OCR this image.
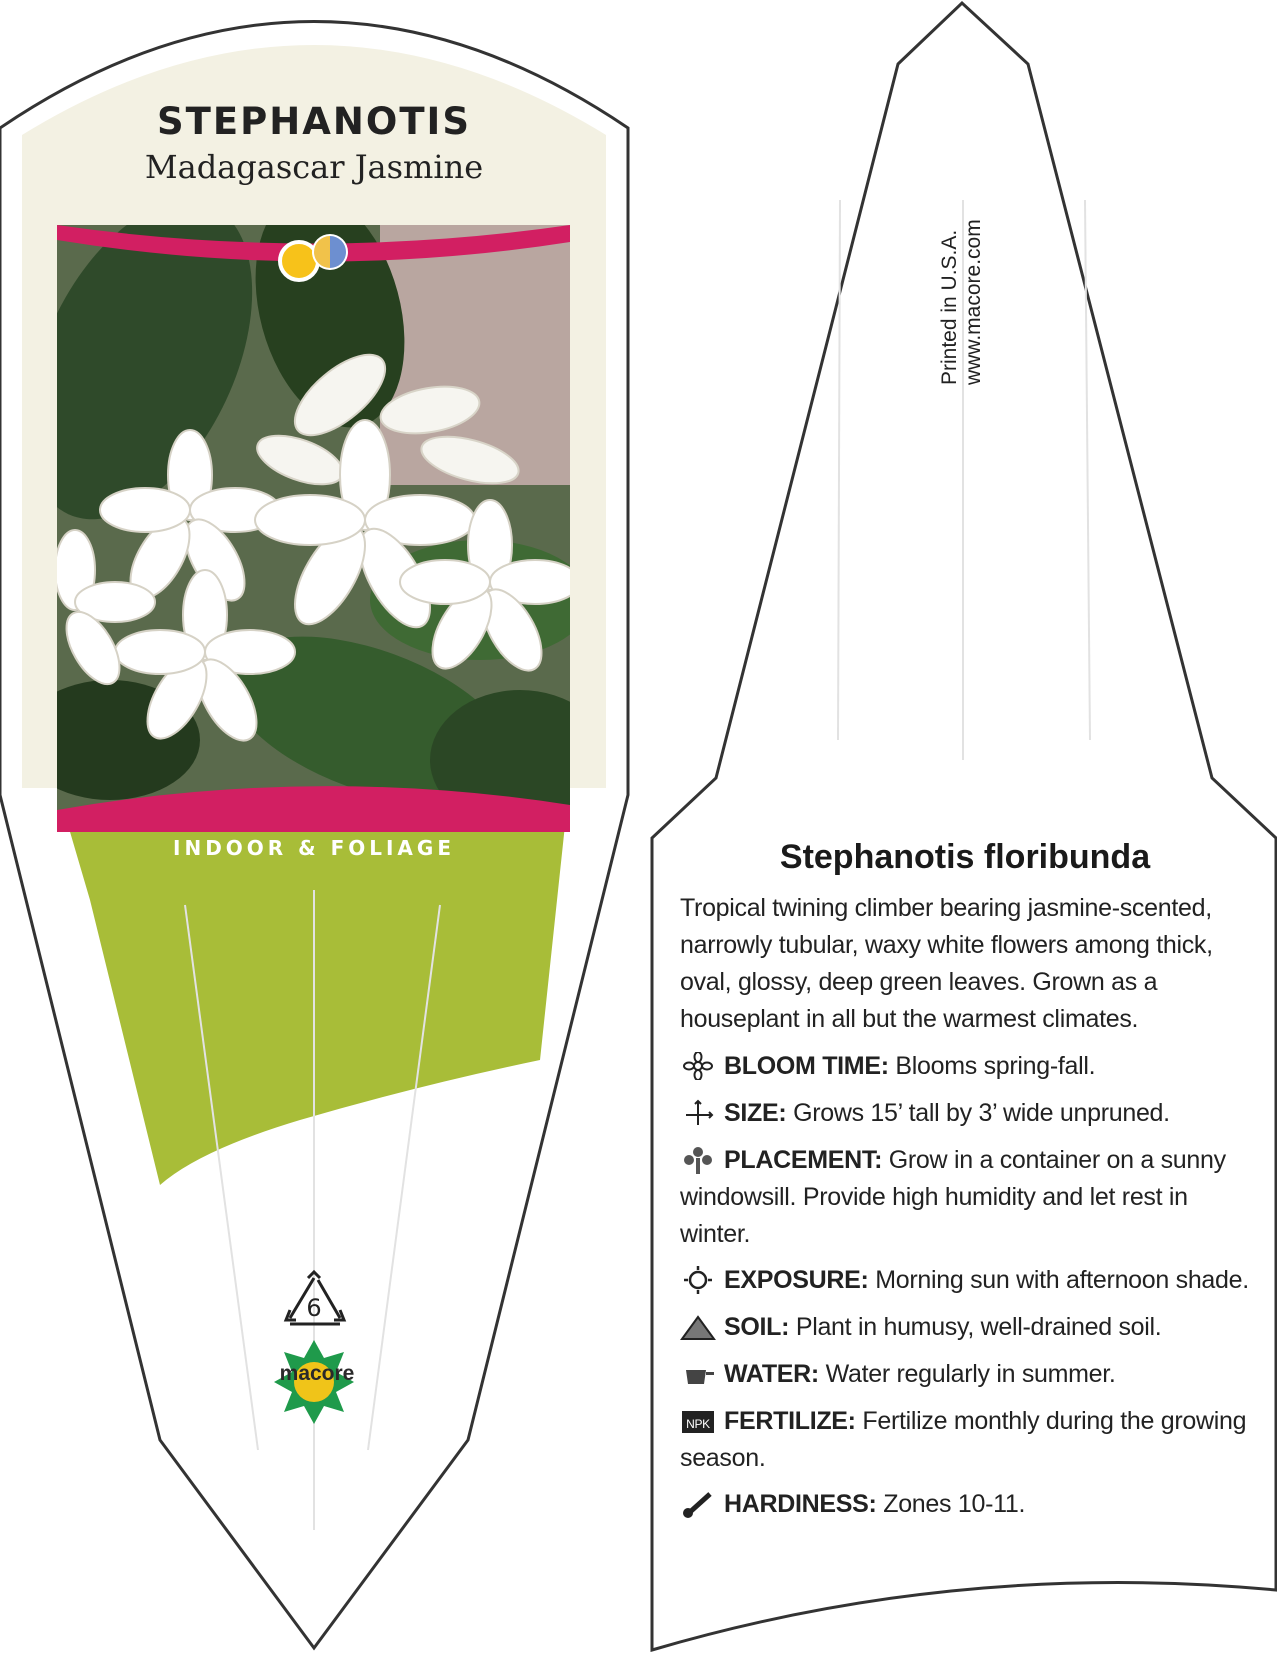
STEPHANOTIS
Madagascar Jasmine
INDOOR & FOLIAGE
6
macore
Printed in U.S.A. www.macore.com
Stephanotis floribunda
Tropical twining climber bearing jasmine-scented, narrowly tubular, waxy white flowers among thick, oval, glossy, deep green leaves. Grown as a houseplant in all but the warmest climates.
BLOOM TIME: Blooms spring-fall.
SIZE: Grows 15’ tall by 3’ wide unpruned.
PLACEMENT: Grow in a container on a sunny windowsill. Provide high humidity and let rest in winter.
EXPOSURE: Morning sun with afternoon shade.
SOIL: Plant in humusy, well-drained soil.
WATER: Water regularly in summer.
NPK FERTILIZE: Fertilize monthly during the growing season.
HARDINESS: Zones 10-11.
